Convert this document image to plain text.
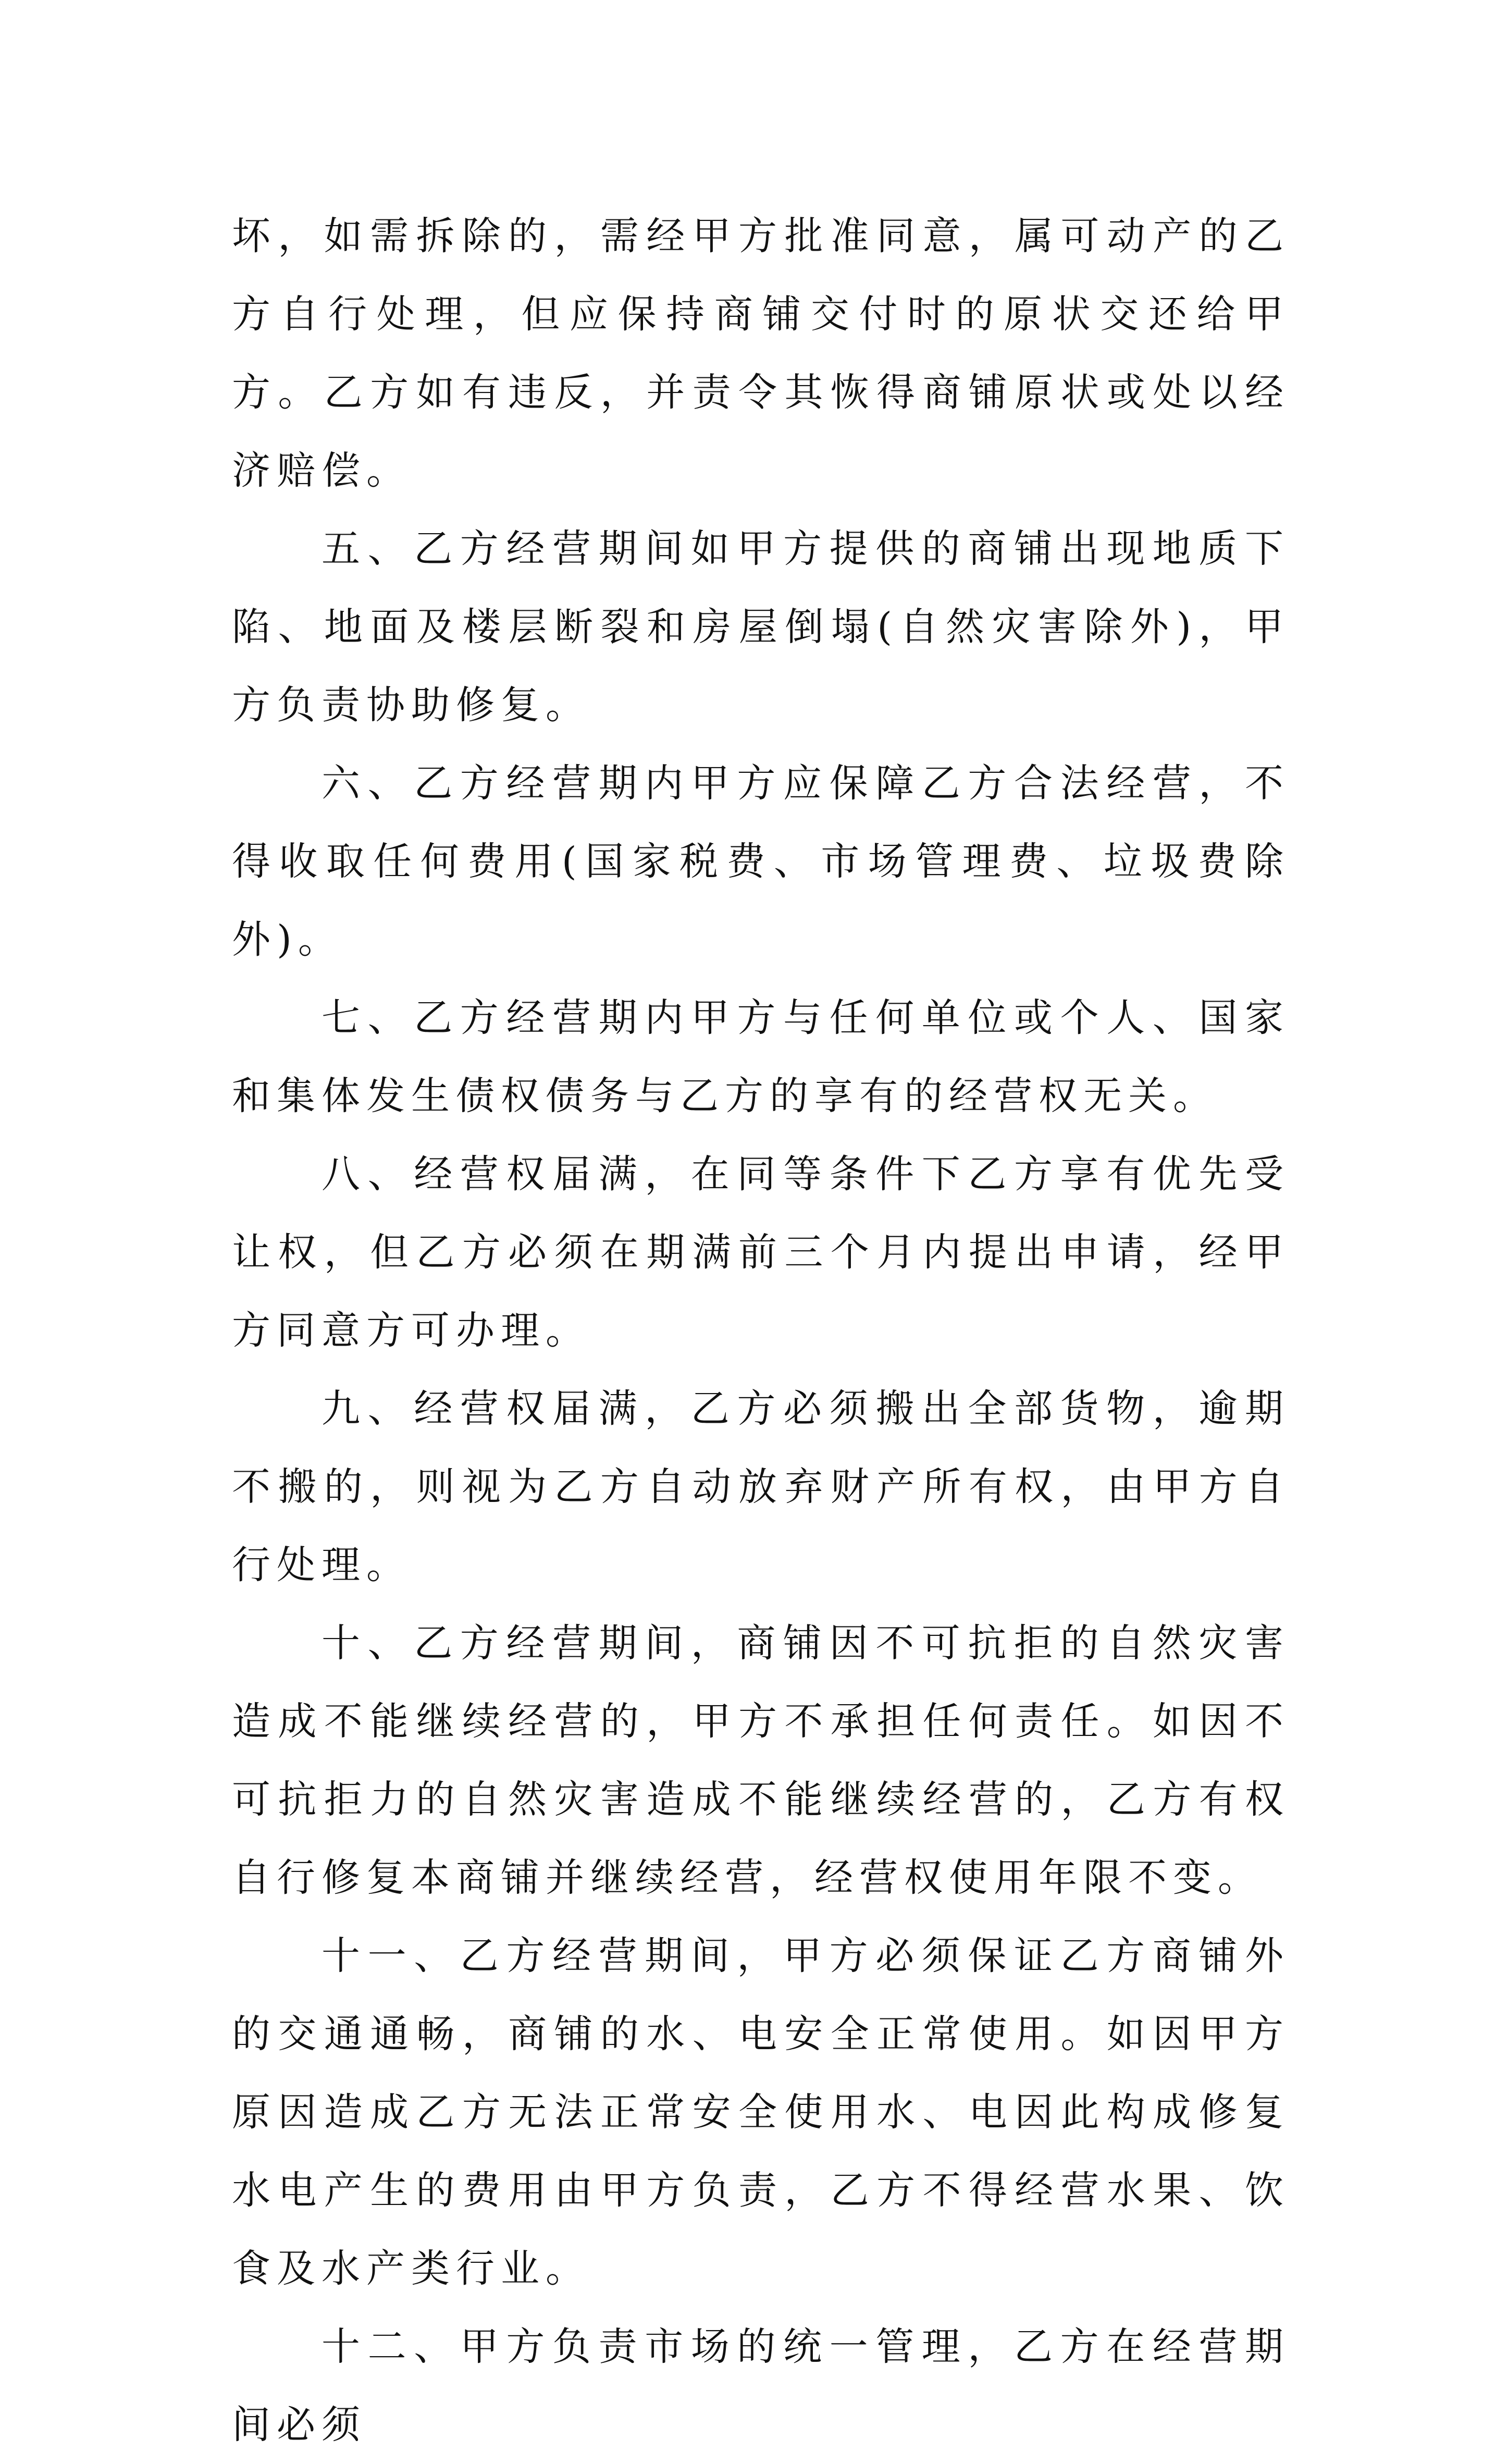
坏，如需拆除的，需经甲方批准同意，属可动产的乙方自行处理，但应保持商铺交付时的原状交还给甲方。乙方如有违反，并责令其恢得商铺原状或处以经济赔偿。

五、乙方经营期间如甲方提供的商铺出现地质下陷、地面及楼层断裂和房屋倒塌(自然灾害除外)，甲方负责协助修复。

六、乙方经营期内甲方应保障乙方合法经营，不得收取任何费用(国家税费、市场管理费、垃圾费除外)。

七、乙方经营期内甲方与任何单位或个人、国家和集体发生债权债务与乙方的享有的经营权无关。

八、经营权届满，在同等条件下乙方享有优先受让权，但乙方必须在期满前三个月内提出申请，经甲方同意方可办理。

九、经营权届满，乙方必须搬出全部货物，逾期不搬的，则视为乙方自动放弃财产所有权，由甲方自行处理。

十、乙方经营期间，商铺因不可抗拒的自然灾害造成不能继续经营的，甲方不承担任何责任。如因不可抗拒力的自然灾害造成不能继续经营的，乙方有权自行修复本商铺并继续经营，经营权使用年限不变。

十一、乙方经营期间，甲方必须保证乙方商铺外的交通通畅，商铺的水、电安全正常使用。如因甲方原因造成乙方无法正常安全使用水、电因此构成修复水电产生的费用由甲方负责，乙方不得经营水果、饮食及水产类行业。

十二、甲方负责市场的统一管理，乙方在经营期间必须
